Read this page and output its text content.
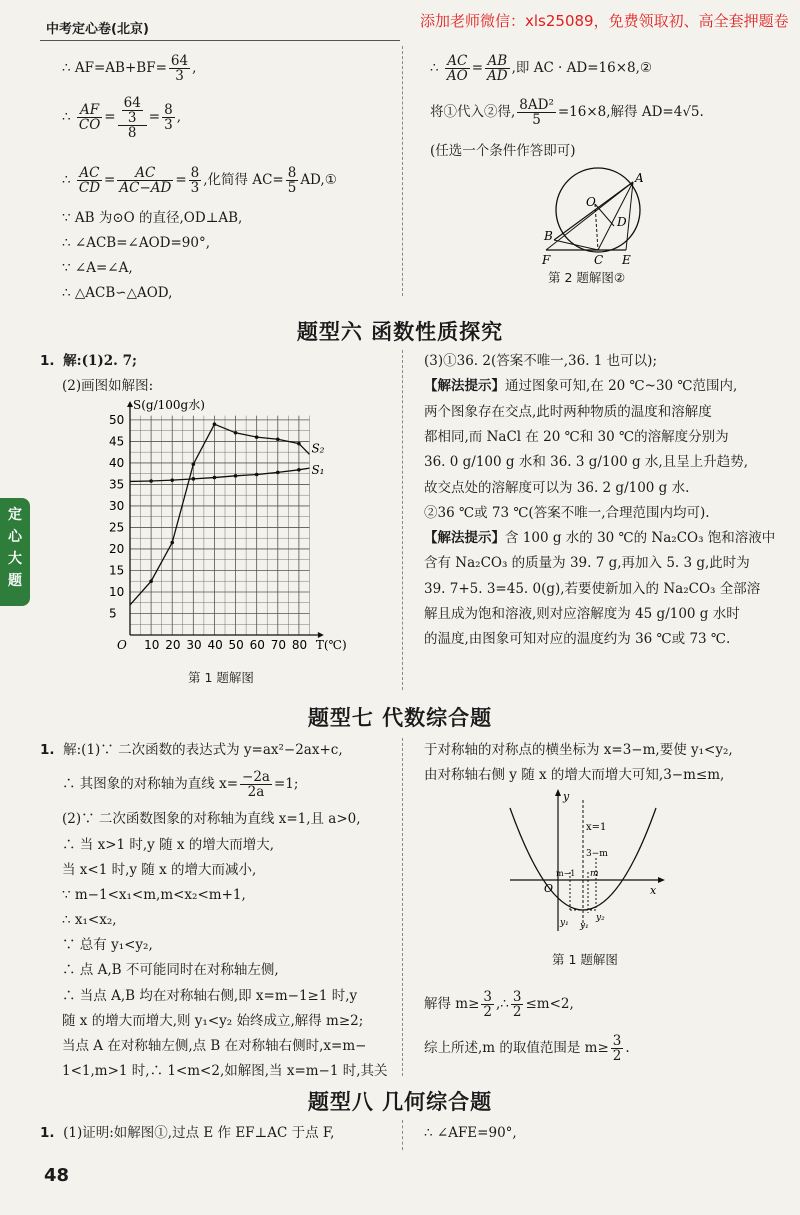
中考定心卷(北京)	添加老师微信：xls25089，免费领取初、高全套押题卷
∴ $AF=AB+BF= \frac{64}{3}$ ,
∴ $\frac{AF}{CO} = \frac{\frac{64}{3}}{8} = \frac{8}{3}$ ,
∴ $\frac{AC}{CD} = \frac{AC}{AC-AD} = \frac{8}{3}$ ,化简得 $AC= \frac{8}{5}$ AD,①
∵ AB 为⊙O 的直径,OD⊥AB,
∴ ∠ACB=∠AOD=90°,
∵ ∠A=∠A,
∴ △ACB∽△AOD,
∴ $\frac{AC}{AO} = \frac{AB}{AD}$ ,即 AC · AD=16×8,②
将①代入②得, $\frac{\text{8AD²}}{5} =16\times 8$,解得 AD=4√5.
(任选一个条件作答即可)
A
O
D
B
F	C E
第 2 题解图②
题型六 函数性质探究
1. 解:(1)2. 7;
(2)画图如解图:
10 20 30 40 50 60 70 80
5
10
15
20
25
30
35
40
45
50
O
S(g/100g水)
T(℃)
S₂
S₁
第 1 题解图
(3)①36. 2(答案不唯一,36. 1 也可以);
【解法提示】通过图象可知,在 20 ℃~30 ℃范围内,
两个图象存在交点,此时两种物质的温度和溶解度
都相同,而 NaCl 在 20 ℃和 30 ℃的溶解度分别为
36. 0 g/100 g 水和 36. 3 g/100 g 水,且呈上升趋势,
故交点处的溶解度可以为 36. 2 g/100 g 水.
②36 ℃或 73 ℃(答案不唯一,合理范围内均可).
【解法提示】含 100 g 水的 30 ℃的 Na₂CO₃ 饱和溶液中
含有 Na₂CO₃ 的质量为 39. 7 g,再加入 5. 3 g,此时为
39. 7+5. 3=45. 0(g),若要使新加入的 Na₂CO₃ 全部溶
解且成为饱和溶液,则对应溶解度为 45 g/100 g 水时
的温度,由图象可知对应的温度约为 36 ℃或 73 ℃.
定
心
大
题
题型七 代数综合题
1. 解:(1)∵ 二次函数的表达式为 y=ax²−2ax+c,
∴ 其图象的对称轴为直线 $x= \frac{-2a}{2a} =1$;
(2)∵ 二次函数图象的对称轴为直线 x=1,且 a>0,
∴ 当 x>1 时,y 随 x 的增大而增大,
当 x<1 时,y 随 x 的增大而减小,
∵ m−1<x₁<m,m<x₂<m+1,
∴ x₁<x₂,
∵ 总有 y₁<y₂,
∴ 点 A,B 不可能同时在对称轴左侧,
∴ 当点 A,B 均在对称轴右侧,即 x=m−1≥1 时,y
随 x 的增大而增大,则 y₁<y₂ 始终成立,解得 m≥2;
当点 A 在对称轴左侧,点 B 在对称轴右侧时,x=m−
1<1,m>1 时,∴ 1<m<2,如解图,当 x=m−1 时,其关
于对称轴的对称点的横坐标为 x=3−m,要使 y₁<y₂,
由对称轴右侧 y 随 x 的增大而增大可知,3−m≤m,
y
x
O
x=1
3−m
m−1 m
y₁ y₁
y₂
第 1 题解图
解得 $m\ge \frac{3}{2}$ ,∴ $\frac{3}{2} \le m<2$,
综上所述,m 的取值范围是 $m\ge \frac{3}{2}$ .
题型八 几何综合题
1. (1)证明:如解图①,过点 E 作 EF⊥AC 于点 F,	∴ ∠AFE=90°,
48
